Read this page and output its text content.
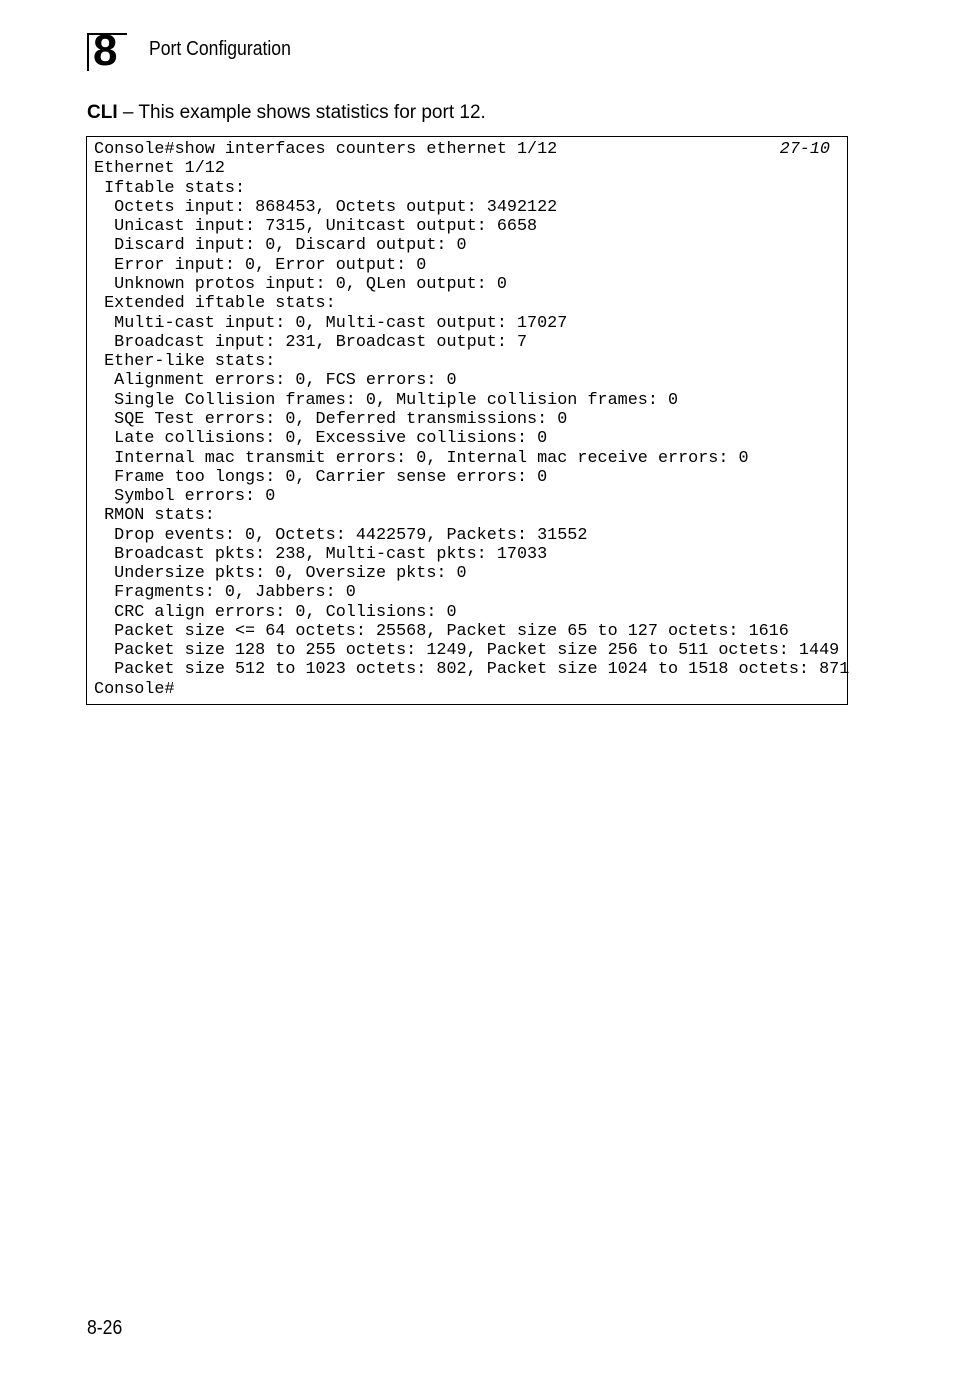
8 Port Configuration
CLI – This example shows statistics for port 12.
27-10
Console#show interfaces counters ethernet 1/12
Ethernet 1/12
Iftable stats:
Octets input: 868453, Octets output: 3492122
Unicast input: 7315, Unitcast output: 6658
Discard input: 0, Discard output: 0
Error input: 0, Error output: 0
Unknown protos input: 0, QLen output: 0
Extended iftable stats:
Multi-cast input: 0, Multi-cast output: 17027
Broadcast input: 231, Broadcast output: 7
Ether-like stats:
Alignment errors: 0, FCS errors: 0
Single Collision frames: 0, Multiple collision frames: 0
SQE Test errors: 0, Deferred transmissions: 0
Late collisions: 0, Excessive collisions: 0
Internal mac transmit errors: 0, Internal mac receive errors: 0
Frame too longs: 0, Carrier sense errors: 0
Symbol errors: 0
RMON stats:
Drop events: 0, Octets: 4422579, Packets: 31552
Broadcast pkts: 238, Multi-cast pkts: 17033
Undersize pkts: 0, Oversize pkts: 0
Fragments: 0, Jabbers: 0
CRC align errors: 0, Collisions: 0
Packet size <= 64 octets: 25568, Packet size 65 to 127 octets: 1616
Packet size 128 to 255 octets: 1249, Packet size 256 to 511 octets: 1449
Packet size 512 to 1023 octets: 802, Packet size 1024 to 1518 octets: 871
Console#
8-26
